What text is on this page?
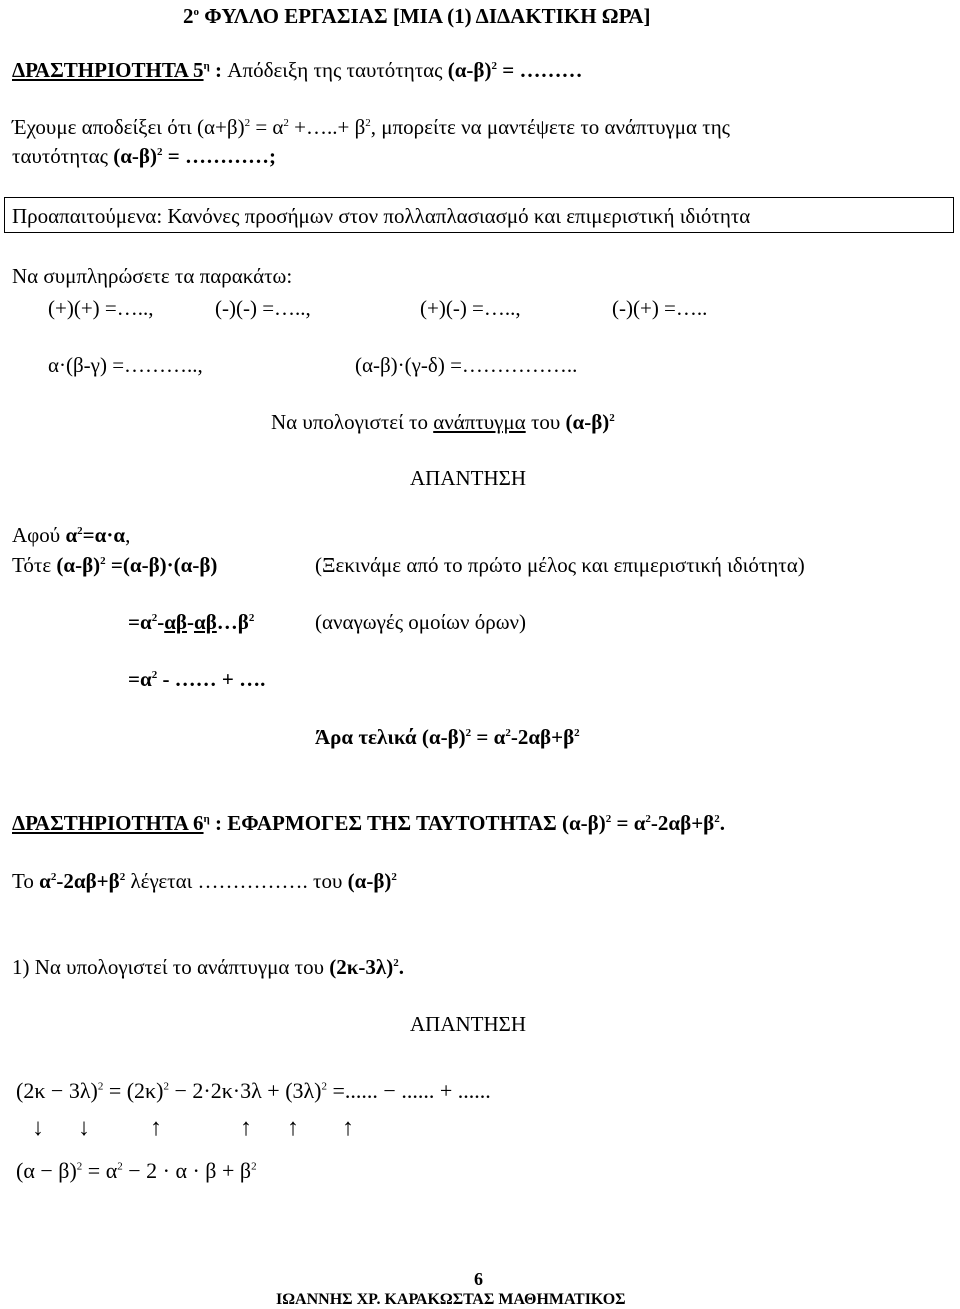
$2^o$ ΦΥΛΛΟ ΕΡΓΑΣΙΑΣ [ΜΙΑ (1) ΔΙΔΑΚΤΙΚΗ ΩΡΑ]
ΔΡΑΣΤΗΡΙΟΤΗΤΑ $5^\eta$ : Απόδειξη της ταυτότητας $(\alpha-\beta)^2$ = ………
Έχουμε αποδείξει ότι $(\alpha+\beta)^2 = \alpha^2$ +…..+ $\beta^2$, μπορείτε να μαντέψετε το ανάπτυγμα της
ταυτότητας $(\alpha-\beta)^2$ = …………;
Προαπαιτούμενα: Κανόνες προσήμων στον πολλαπλασιασμό και επιμεριστική ιδιότητα
Να συμπληρώσετε τα παρακάτω:
(+)(+) =…..,	(-)(-) =…..,	(+)(-) =…..,	(-)(+) =…..
α·(β-γ) =………..,	(α-β)·(γ-δ) =……………..
Να υπολογιστεί το ανάπτυγμα του $(\alpha-\beta)^2$
ΑΠΑΝΤΗΣΗ
Αφού $\alpha^2=\alpha\cdot\alpha$,
Τότε $(\alpha-\beta)^2 =(\alpha-\beta)\cdot(\alpha-\beta)$	(Ξεκινάμε από το πρώτο μέλος και επιμεριστική ιδιότητα)
$=\alpha^2-\alpha\beta-\alpha\beta\dots\beta^2$	(αναγωγές ομοίων όρων)
$=\alpha^2$ - …… + ….
Άρα τελικά $(\alpha-\beta)^2 = \alpha^2-2\alpha\beta+\beta^2$
ΔΡΑΣΤΗΡΙΟΤΗΤΑ $6^\eta$ : ΕΦΑΡΜΟΓΕΣ ΤΗΣ ΤΑΥΤΟΤΗΤΑΣ $(\alpha-\beta)^2 = \alpha^2-2\alpha\beta+\beta^2$.
Το $\alpha^2-2\alpha\beta+\beta^2$ λέγεται ……………. του $(\alpha-\beta)^2$
1) Να υπολογιστεί το ανάπτυγμα του $(2\kappa-3\lambda)^2$.
ΑΠΑΝΤΗΣΗ
$(2\kappa - 3\lambda)^2 = (2\kappa)^2 - 2\cdot 2\kappa\cdot 3\lambda + (3\lambda)^2$ =...... − ...... + ......
↓ ↓	↑	↑ ↑ ↑
$(\alpha - \beta)^2 = \alpha^2 - 2 \cdot \alpha \cdot \beta + \beta^2$
6
ΙΩΑΝΝΗΣ ΧΡ. ΚΑΡΑΚΩΣΤΑΣ ΜΑΘΗΜΑΤΙΚΟΣ
